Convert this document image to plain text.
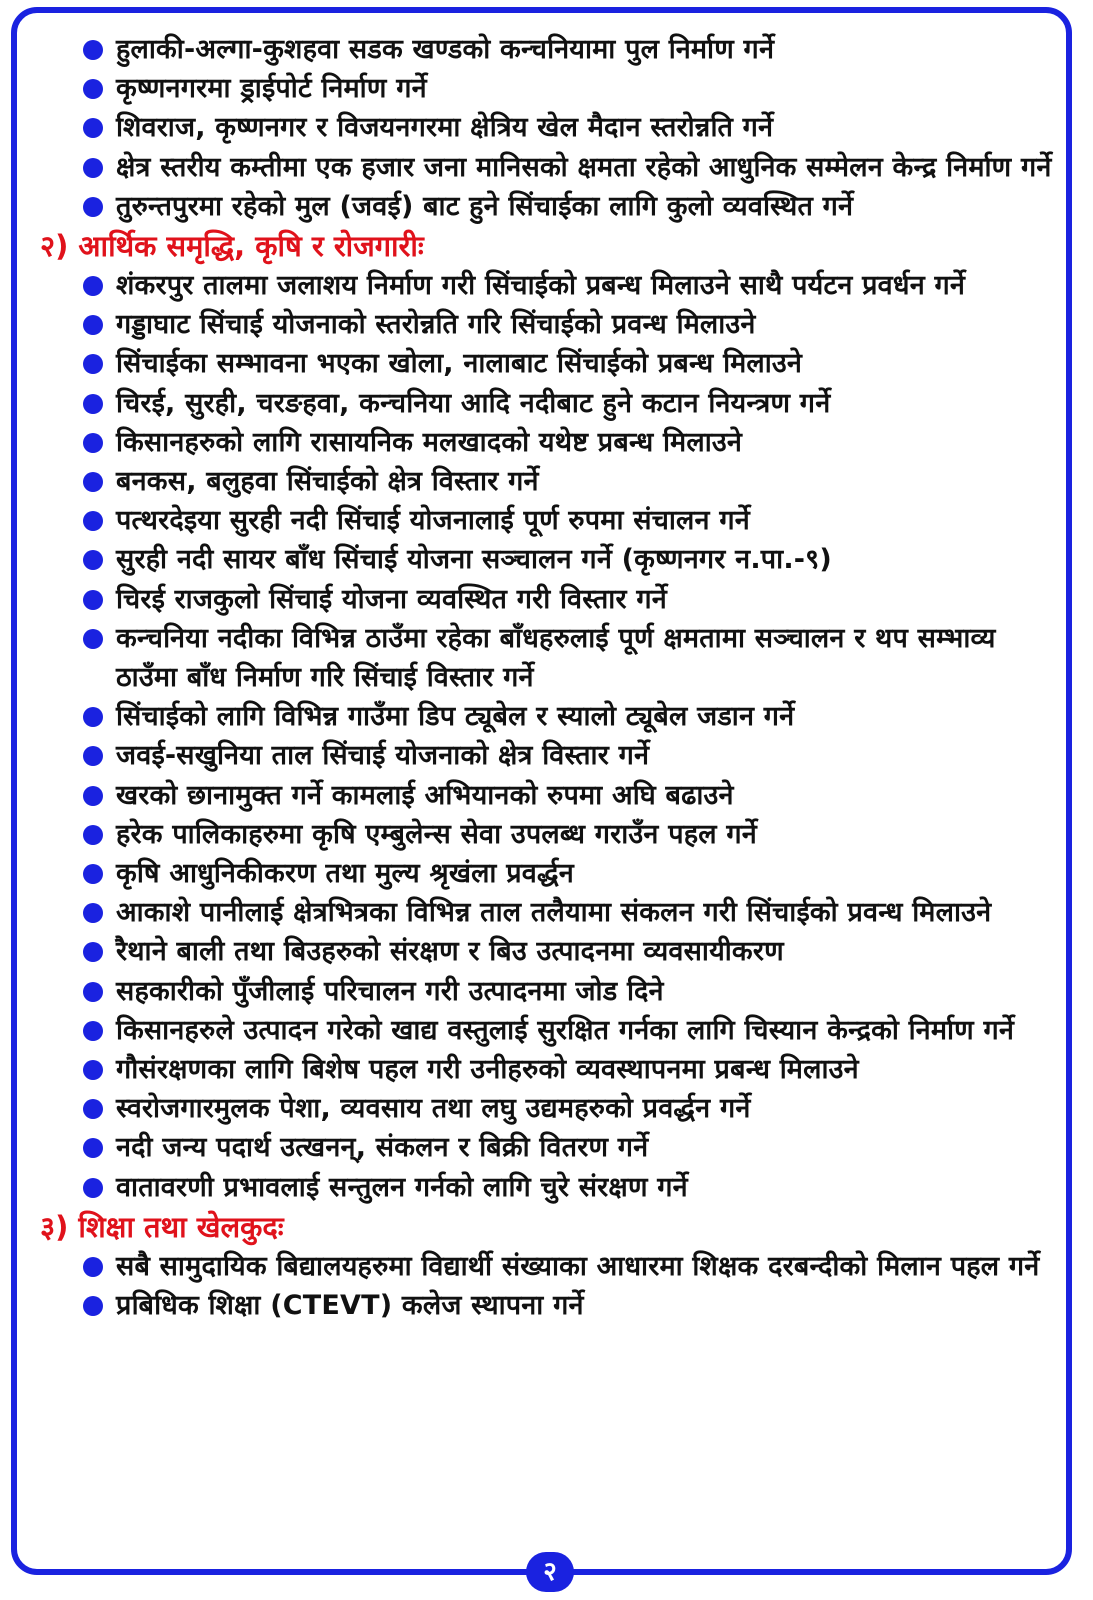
हुलाकी-अल्गा-कुशहवा सडक खण्डको कन्चनियामा पुल निर्माण गर्ने
कृष्णनगरमा ड्राईपोर्ट निर्माण गर्ने
शिवराज, कृष्णनगर र विजयनगरमा क्षेत्रिय खेल मैदान स्तरोन्नति गर्ने
क्षेत्र स्तरीय कम्तीमा एक हजार जना मानिसको क्षमता रहेको आधुनिक सम्मेलन केन्द्र निर्माण गर्ने
तुरुन्तपुरमा रहेको मुल (जवई) बाट हुने सिंचाईका लागि कुलो व्यवस्थित गर्ने
२) आर्थिक समृद्धि, कृषि र रोजगारीः
शंकरपुर तालमा जलाशय निर्माण गरी सिंचाईको प्रबन्ध मिलाउने साथै पर्यटन प्रवर्धन गर्ने
गड्डाघाट सिंचाई योजनाको स्तरोन्नति गरि सिंचाईको प्रवन्ध मिलाउने
सिंचाईका सम्भावना भएका खोला, नालाबाट सिंचाईको प्रबन्ध मिलाउने
चिरई, सुरही, चरङहवा, कन्चनिया आदि नदीबाट हुने कटान नियन्त्रण गर्ने
किसानहरुको लागि रासायनिक मलखादको यथेष्ट प्रबन्ध मिलाउने
बनकस, बलुहवा सिंचाईको क्षेत्र विस्तार गर्ने
पत्थरदेइया सुरही नदी सिंचाई योजनालाई पूर्ण रुपमा संचालन गर्ने
सुरही नदी सायर बाँध सिंचाई योजना सञ्चालन गर्ने (कृष्णनगर न.पा.-९)
चिरई राजकुलो सिंचाई योजना व्यवस्थित गरी विस्तार गर्ने
कन्चनिया नदीका विभिन्न ठाउँमा रहेका बाँधहरुलाई पूर्ण क्षमतामा सञ्चालन र थप सम्भाव्य ठाउँमा बाँध निर्माण गरि सिंचाई विस्तार गर्ने
सिंचाईको लागि विभिन्न गाउँमा डिप ट्यूबेल र स्यालो ट्यूबेल जडान गर्ने
जवई-सखुनिया ताल सिंचाई योजनाको क्षेत्र विस्तार गर्ने
खरको छानामुक्त गर्ने कामलाई अभियानको रुपमा अघि बढाउने
हरेक पालिकाहरुमा कृषि एम्बुलेन्स सेवा उपलब्ध गराउँन पहल गर्ने
कृषि आधुनिकीकरण तथा मुल्य श्रृखंला प्रवर्द्धन
आकाशे पानीलाई क्षेत्रभित्रका विभिन्न ताल तलैयामा संकलन गरी सिंचाईको प्रवन्ध मिलाउने
रैथाने बाली तथा बिउहरुको संरक्षण र बिउ उत्पादनमा व्यवसायीकरण
सहकारीको पुँजीलाई परिचालन गरी उत्पादनमा जोड दिने
किसानहरुले उत्पादन गरेको खाद्य वस्तुलाई सुरक्षित गर्नका लागि चिस्यान केन्द्रको निर्माण गर्ने
गौसंरक्षणका लागि बिशेष पहल गरी उनीहरुको व्यवस्थापनमा प्रबन्ध मिलाउने
स्वरोजगारमुलक पेशा, व्यवसाय तथा लघु उद्यमहरुको प्रवर्द्धन गर्ने
नदी जन्य पदार्थ उत्खनन्, संकलन र बिक्री वितरण गर्ने
वातावरणी प्रभावलाई सन्तुलन गर्नको लागि चुरे संरक्षण गर्ने
३) शिक्षा तथा खेलकुदः
सबै सामुदायिक बिद्यालयहरुमा विद्यार्थी संख्याका आधारमा शिक्षक दरबन्दीको मिलान पहल गर्ने
प्रबिधिक शिक्षा (CTEVT) कलेज स्थापना गर्ने
२
